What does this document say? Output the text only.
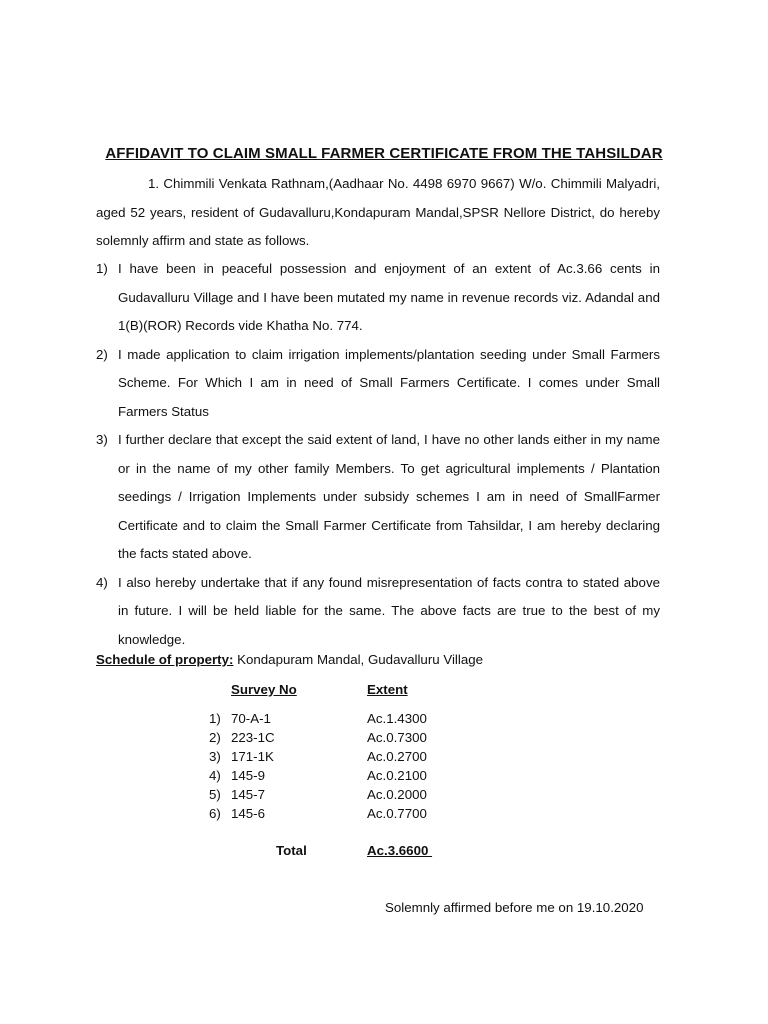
AFFIDAVIT TO CLAIM SMALL FARMER CERTIFICATE FROM THE TAHSILDAR
1. Chimmili Venkata Rathnam,(Aadhaar No. 4498 6970 9667) W/o. Chimmili Malyadri, aged 52 years, resident of Gudavalluru,Kondapuram Mandal,SPSR Nellore District, do hereby solemnly affirm and state as follows.
1) I have been in peaceful possession and enjoyment of an extent of Ac.3.66 cents in Gudavalluru Village and I have been mutated my name in revenue records viz. Adandal and 1(B)(ROR) Records vide Khatha No. 774.
2) I made application to claim irrigation implements/plantation seeding under Small Farmers Scheme. For Which I am in need of Small Farmers Certificate. I comes under Small Farmers Status
3) I further declare that except the said extent of land, I have no other lands either in my name or in the name of my other family Members. To get agricultural implements / Plantation seedings / Irrigation Implements under subsidy schemes I am in need of SmallFarmer Certificate and to claim the Small Farmer Certificate from Tahsildar, I am hereby declaring the facts stated above.
4) I also hereby undertake that if any found misrepresentation of facts contra to stated above in future. I will be held liable for the same. The above facts are true to the best of my knowledge.
Schedule of property: Kondapuram Mandal, Gudavalluru Village
Survey No	Extent
1) 70-A-1	Ac.1.4300
2) 223-1C	Ac.0.7300
3) 171-1K	Ac.0.2700
4) 145-9	Ac.0.2100
5) 145-7	Ac.0.2000
6) 145-6	Ac.0.7700
Total	Ac.3.6600
Solemnly affirmed before me on 19.10.2020
